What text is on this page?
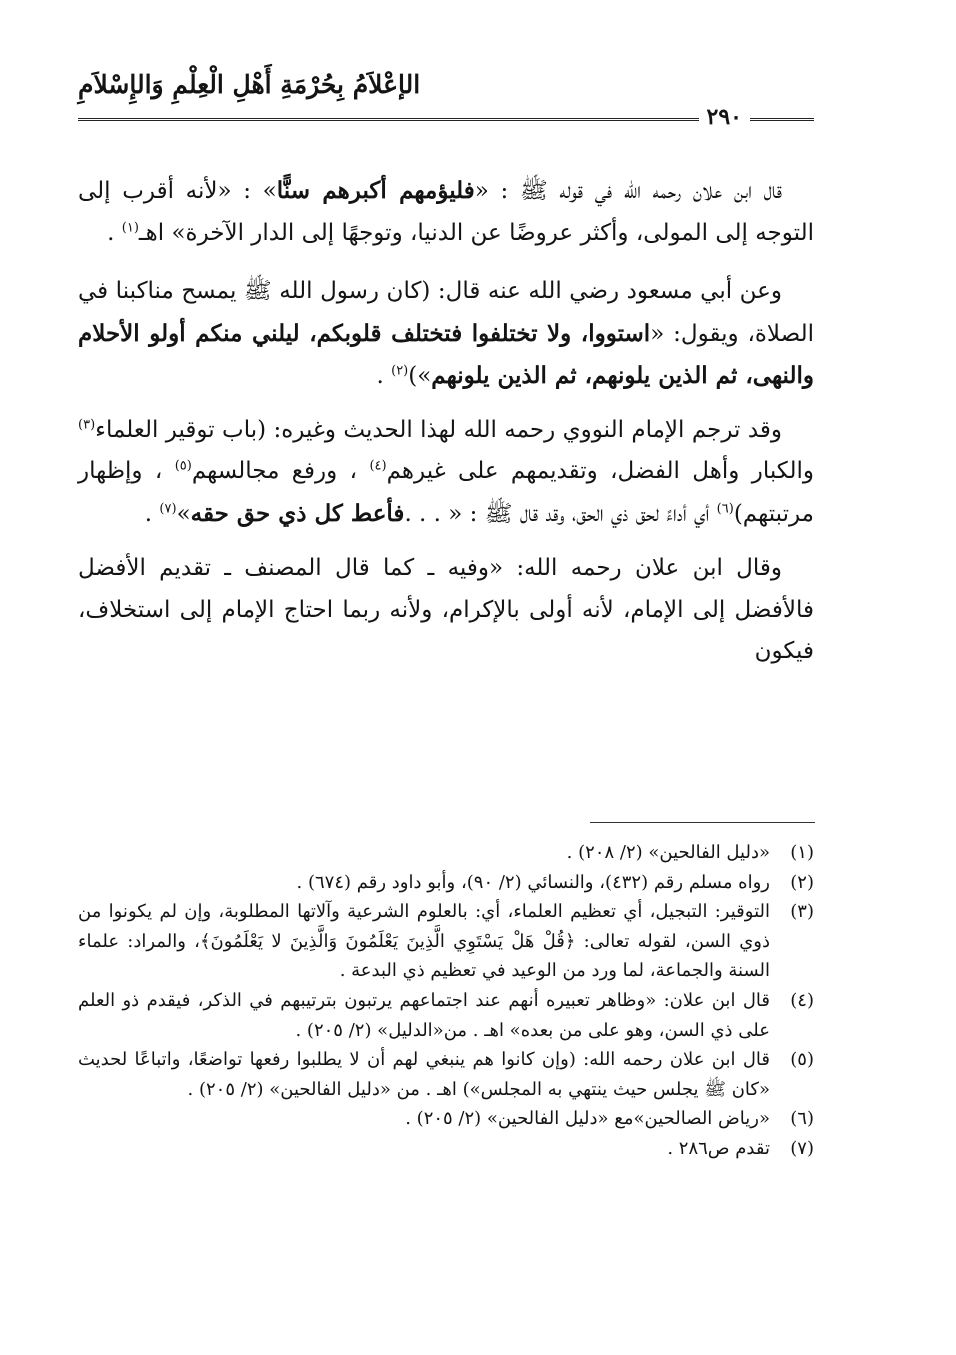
الإعْلاَمُ بِحُرْمَةِ أَهْلِ الْعِلْمِ وَالإِسْلاَمِ
٢٩٠

قال ابن علان رحمه الله في قوله ﷺ : «فليؤمهم أكبرهم سنًّا» : «لأنه أقرب إلى التوجه إلى المولى، وأكثر عروضًا عن الدنيا، وتوجهًا إلى الدار الآخرة» اهـ$^{(١)}$ .

وعن أبي مسعود رضي الله عنه قال: (كان رسول الله ﷺ يمسح مناكبنا في الصلاة، ويقول: «استووا، ولا تختلفوا فتختلف قلوبكم، ليلني منكم أولو الأحلام والنهى، ثم الذين يلونهم، ثم الذين يلونهم»)$^{(٢)}$ .

وقد ترجم الإمام النووي رحمه الله لهذا الحديث وغيره: (باب توقير العلماء$^{(٣)}$ والكبار وأهل الفضل، وتقديمهم على غيرهم$^{(٤)}$ ، ورفع مجالسهم$^{(٥)}$ ، وإظهار مرتبتهم)$^{(٦)}$ أي أداءً لحق ذي الحق، وقد قال ﷺ : « . . .فأعط كل ذي حق حقه»$^{(٧)}$ .

وقال ابن علان رحمه الله: «وفيه ـ كما قال المصنف ـ تقديم الأفضل فالأفضل إلى الإمام، لأنه أولى بالإكرام، ولأنه ربما احتاج الإمام إلى استخلاف، فيكون

(١)
«دليل الفالحين» (٢/ ٢٠٨) .
(٢)
رواه مسلم رقم (٤٣٢)، والنسائي (٢/ ٩٠)، وأبو داود رقم (٦٧٤) .
(٣)
التوقير: التبجيل، أي تعظيم العلماء، أي: بالعلوم الشرعية وآلاتها المطلوبة، وإن لم يكونوا من ذوي السن، لقوله تعالى: ﴿قُلْ هَلْ يَسْتَوِي الَّذِينَ يَعْلَمُونَ وَالَّذِينَ لا يَعْلَمُونَ﴾، والمراد: علماء السنة والجماعة، لما ورد من الوعيد في تعظيم ذي البدعة .
(٤)
قال ابن علان: «وظاهر تعبيره أنهم عند اجتماعهم يرتبون بترتيبهم في الذكر، فيقدم ذو العلم على ذي السن، وهو على من بعده» اهـ . من«الدليل» (٢/ ٢٠٥) .
(٥)
قال ابن علان رحمه الله: (وإن كانوا هم ينبغي لهم أن لا يطلبوا رفعها تواضعًا، واتباعًا لحديث «كان ﷺ يجلس حيث ينتهي به المجلس») اهـ . من «دليل الفالحين» (٢/ ٢٠٥) .
(٦)
«رياض الصالحين»مع «دليل الفالحين» (٢/ ٢٠٥) .
(٧)
تقدم ص٢٨٦ .
